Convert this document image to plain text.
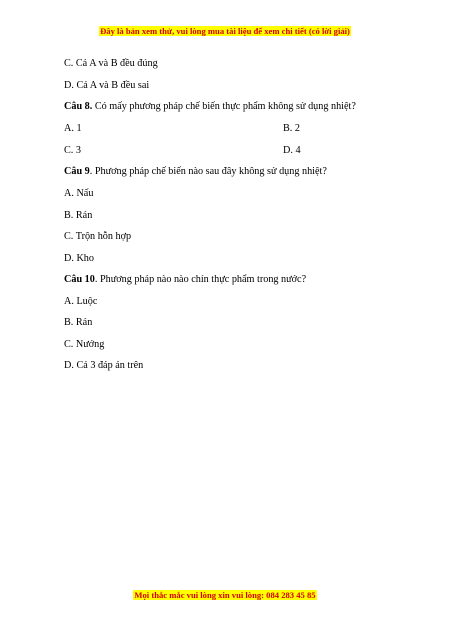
Đây là bản xem thử, vui lòng mua tài liệu để xem chi tiết (có lời giải)
C. Cả A và B đều đúng
D. Cả A và B đều sai
Câu 8. Có mấy phương pháp chế biến thực phẩm không sử dụng nhiệt?
A. 1	B. 2
C. 3	D. 4
Câu 9. Phương pháp chế biến nào sau đây không sử dụng nhiệt?
A. Nấu
B. Rán
C. Trộn hỗn hợp
D. Kho
Câu 10. Phương pháp nào nào chín thực phẩm trong nước?
A. Luộc
B. Rán
C. Nướng
D. Cả 3 đáp án trên
Mọi thắc mắc vui lòng xin vui lòng: 084 283 45 85
